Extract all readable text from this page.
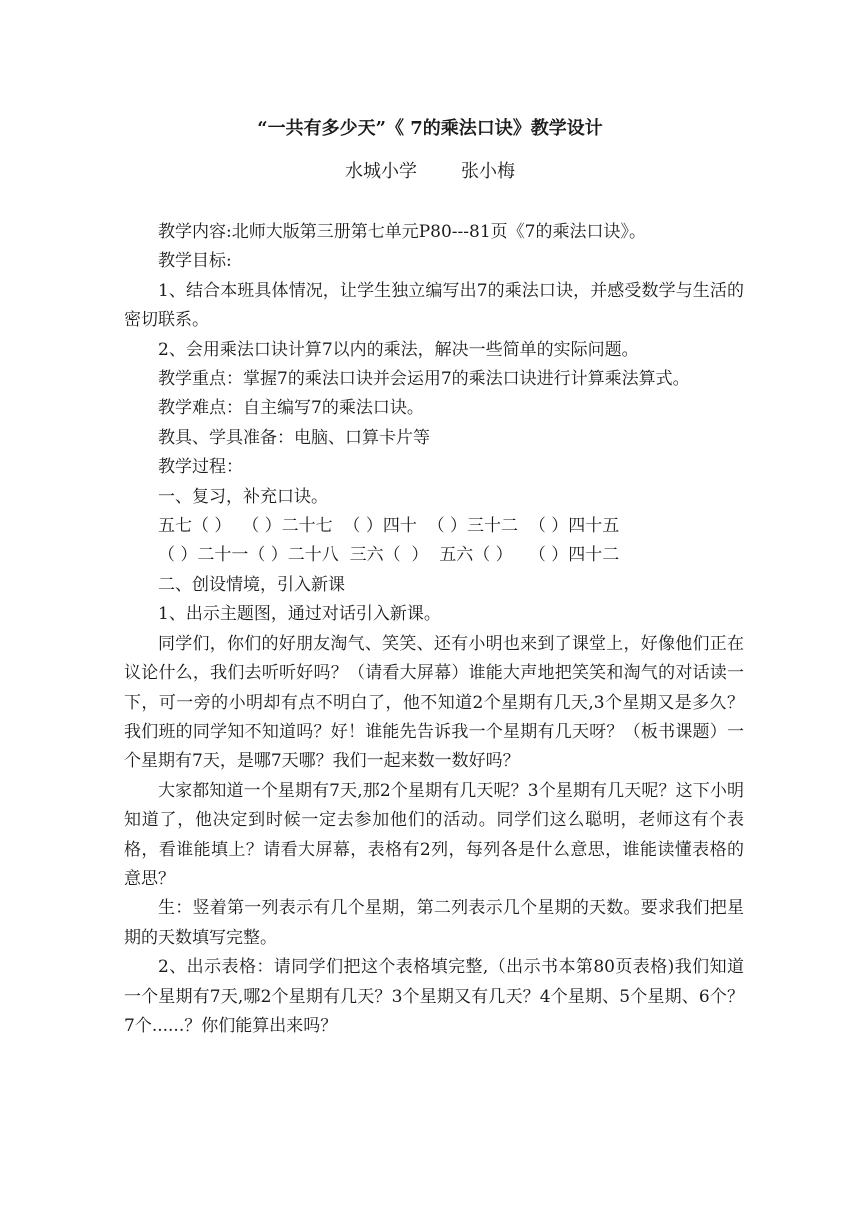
“一共有多少天”《 7的乘法口诀》教学设计
水城小学 张小梅

教学内容:北师大版第三册第七单元P80---81页《7的乘法口诀》。

教学目标:

1、结合本班具体情况，让学生独立编写出7的乘法口诀，并感受数学与生活的密切联系。

2、会用乘法口诀计算7以内的乘法，解决一些简单的实际问题。

教学重点：掌握7的乘法口诀并会运用7的乘法口诀进行计算乘法算式。

教学难点：自主编写7的乘法口诀。

教具、学具准备：电脑、口算卡片等

教学过程：

一、复习，补充口诀。

五七（ ）  （ ）二十七  （ ）四十  （ ）三十二  （ ）四十五

（ ）二十一（ ）二十八  三六（  ）  五六（ ）   （ ）四十二

二、创设情境，引入新课

1、出示主题图，通过对话引入新课。

同学们，你们的好朋友淘气、笑笑、还有小明也来到了课堂上，好像他们正在议论什么，我们去听听好吗？（请看大屏幕）谁能大声地把笑笑和淘气的对话读一下，可一旁的小明却有点不明白了，他不知道2个星期有几天,3个星期又是多久？我们班的同学知不知道吗？好！谁能先告诉我一个星期有几天呀？（板书课题）一个星期有7天，是哪7天哪？我们一起来数一数好吗？

大家都知道一个星期有7天,那2个星期有几天呢？3个星期有几天呢？这下小明知道了，他决定到时候一定去参加他们的活动。同学们这么聪明，老师这有个表格，看谁能填上？请看大屏幕，表格有2列，每列各是什么意思，谁能读懂表格的意思？

生：竖着第一列表示有几个星期，第二列表示几个星期的天数。要求我们把星期的天数填写完整。

2、出示表格：请同学们把这个表格填完整,（出示书本第80页表格)我们知道一个星期有7天,哪2个星期有几天？3个星期又有几天？4个星期、5个星期、6个？7个......？你们能算出来吗？
